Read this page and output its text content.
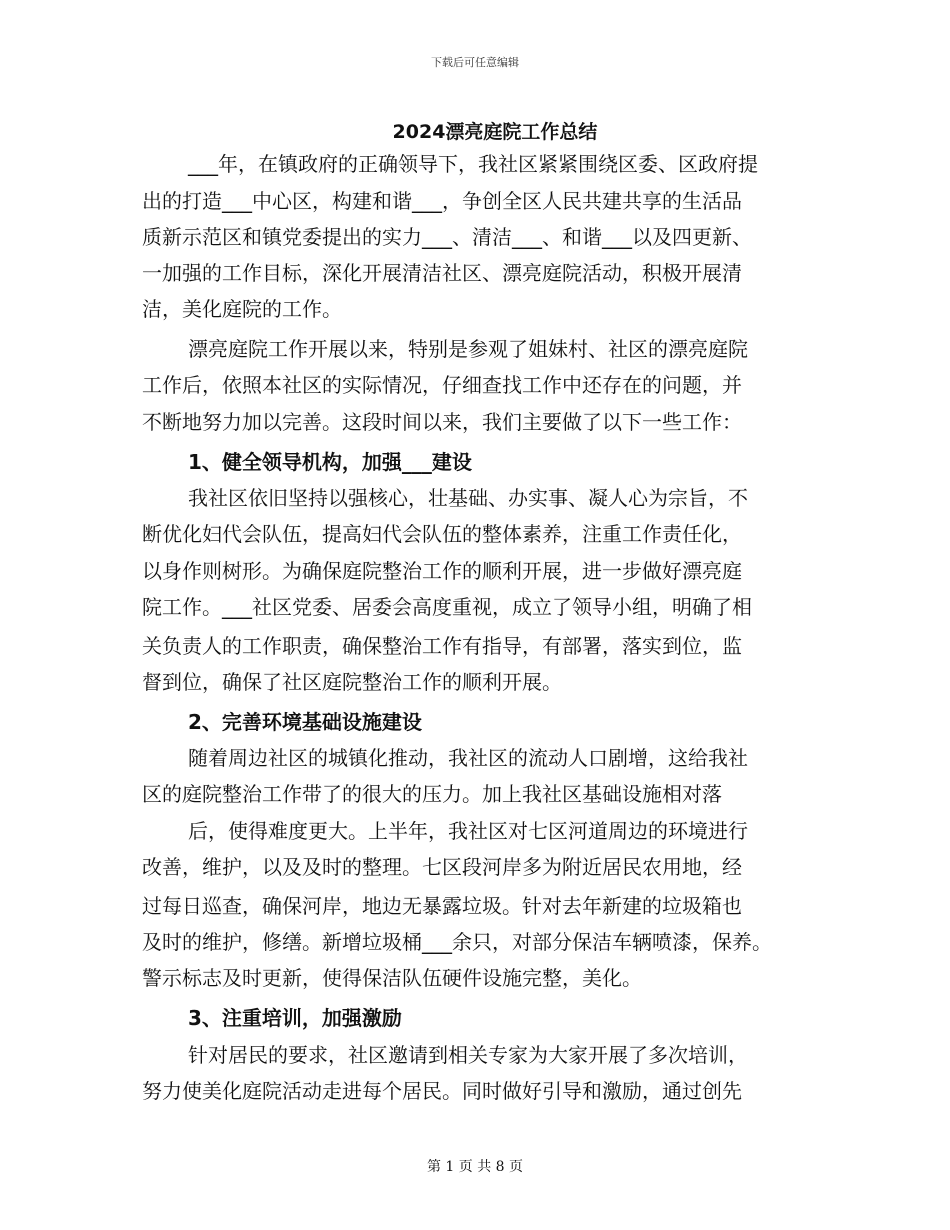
下载后可任意编辑
2024漂亮庭院工作总结
___年，在镇政府的正确领导下，我社区紧紧围绕区委、区政府提
出的打造___中心区，构建和谐___，争创全区人民共建共享的生活品
质新示范区和镇党委提出的实力___、清洁___、和谐___以及四更新、
一加强的工作目标，深化开展清洁社区、漂亮庭院活动，积极开展清
洁，美化庭院的工作。
漂亮庭院工作开展以来，特别是参观了姐妹村、社区的漂亮庭院
工作后，依照本社区的实际情况，仔细查找工作中还存在的问题，并
不断地努力加以完善。这段时间以来，我们主要做了以下一些工作：
1、健全领导机构，加强___建设
我社区依旧坚持以强核心，壮基础、办实事、凝人心为宗旨，不
断优化妇代会队伍，提高妇代会队伍的整体素养，注重工作责任化，
以身作则树形。为确保庭院整治工作的顺利开展，进一步做好漂亮庭
院工作。___社区党委、居委会高度重视，成立了领导小组，明确了相
关负责人的工作职责，确保整治工作有指导，有部署，落实到位，监
督到位，确保了社区庭院整治工作的顺利开展。
2、完善环境基础设施建设
随着周边社区的城镇化推动，我社区的流动人口剧增，这给我社
区的庭院整治工作带了的很大的压力。加上我社区基础设施相对落
后，使得难度更大。上半年，我社区对七区河道周边的环境进行
改善，维护，以及及时的整理。七区段河岸多为附近居民农用地，经
过每日巡查，确保河岸，地边无暴露垃圾。针对去年新建的垃圾箱也
及时的维护，修缮。新增垃圾桶___余只，对部分保洁车辆喷漆，保养。
警示标志及时更新，使得保洁队伍硬件设施完整，美化。
3、注重培训，加强激励
针对居民的要求，社区邀请到相关专家为大家开展了多次培训，
努力使美化庭院活动走进每个居民。同时做好引导和激励，通过创先
第 1 页 共 8 页
